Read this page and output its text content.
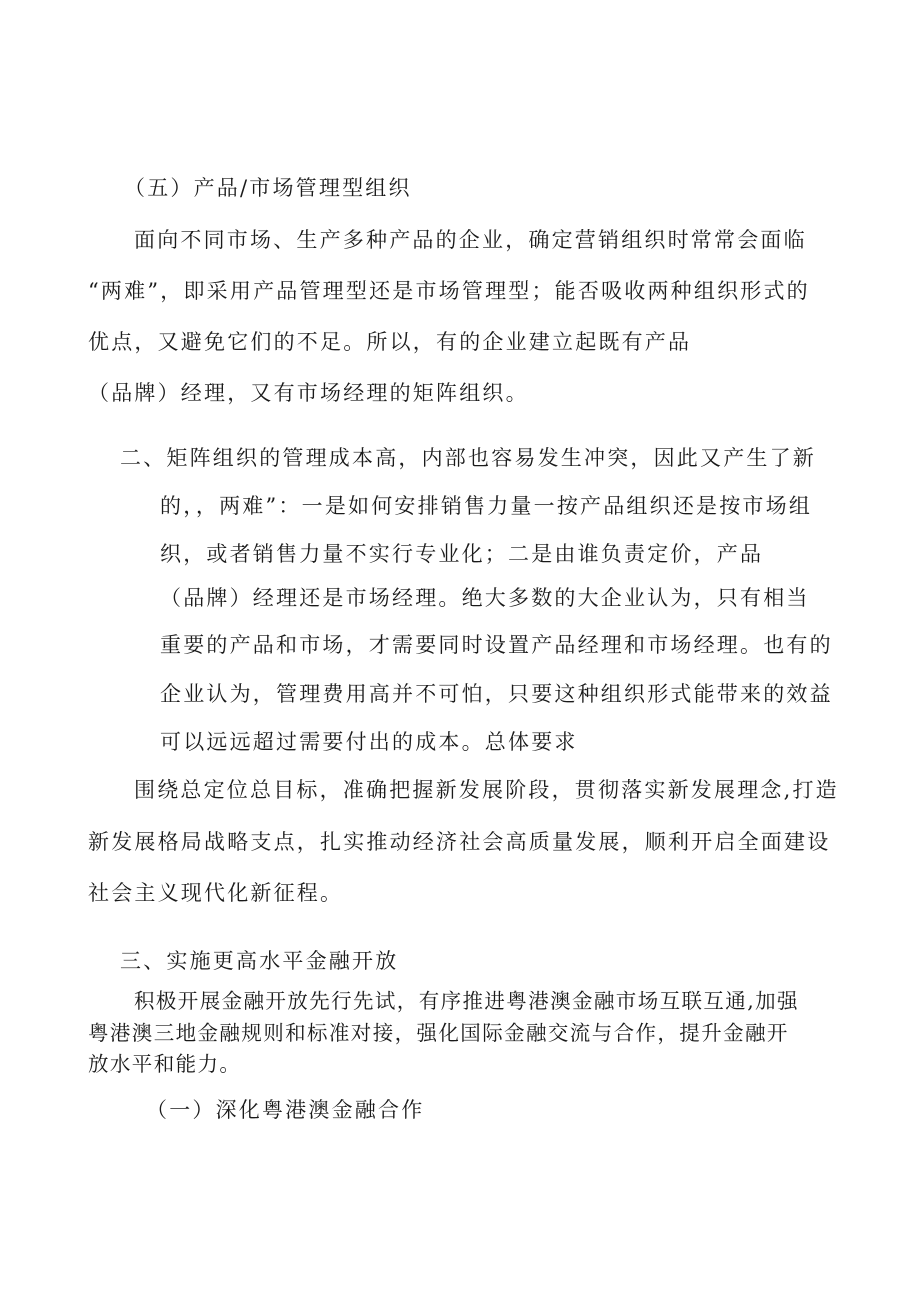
（五）产品/市场管理型组织
面向不同市场、生产多种产品的企业，确定营销组织时常常会面临
“两难”，即采用产品管理型还是市场管理型；能否吸收两种组织形式的
优点，又避免它们的不足。所以，有的企业建立起既有产品
（品牌）经理，又有市场经理的矩阵组织。
二、矩阵组织的管理成本高，内部也容易发生冲突，因此又产生了新
的，，两难”：一是如何安排销售力量一按产品组织还是按市场组
织，或者销售力量不实行专业化；二是由谁负责定价，产品
（品牌）经理还是市场经理。绝大多数的大企业认为，只有相当
重要的产品和市场，才需要同时设置产品经理和市场经理。也有的
企业认为，管理费用高并不可怕，只要这种组织形式能带来的效益
可以远远超过需要付出的成本。总体要求
围绕总定位总目标，准确把握新发展阶段，贯彻落实新发展理念,打造
新发展格局战略支点，扎实推动经济社会高质量发展，顺利开启全面建设
社会主义现代化新征程。
三、实施更高水平金融开放
积极开展金融开放先行先试，有序推进粤港澳金融市场互联互通,加强
粤港澳三地金融规则和标准对接，强化国际金融交流与合作，提升金融开
放水平和能力。
（一）深化粤港澳金融合作
